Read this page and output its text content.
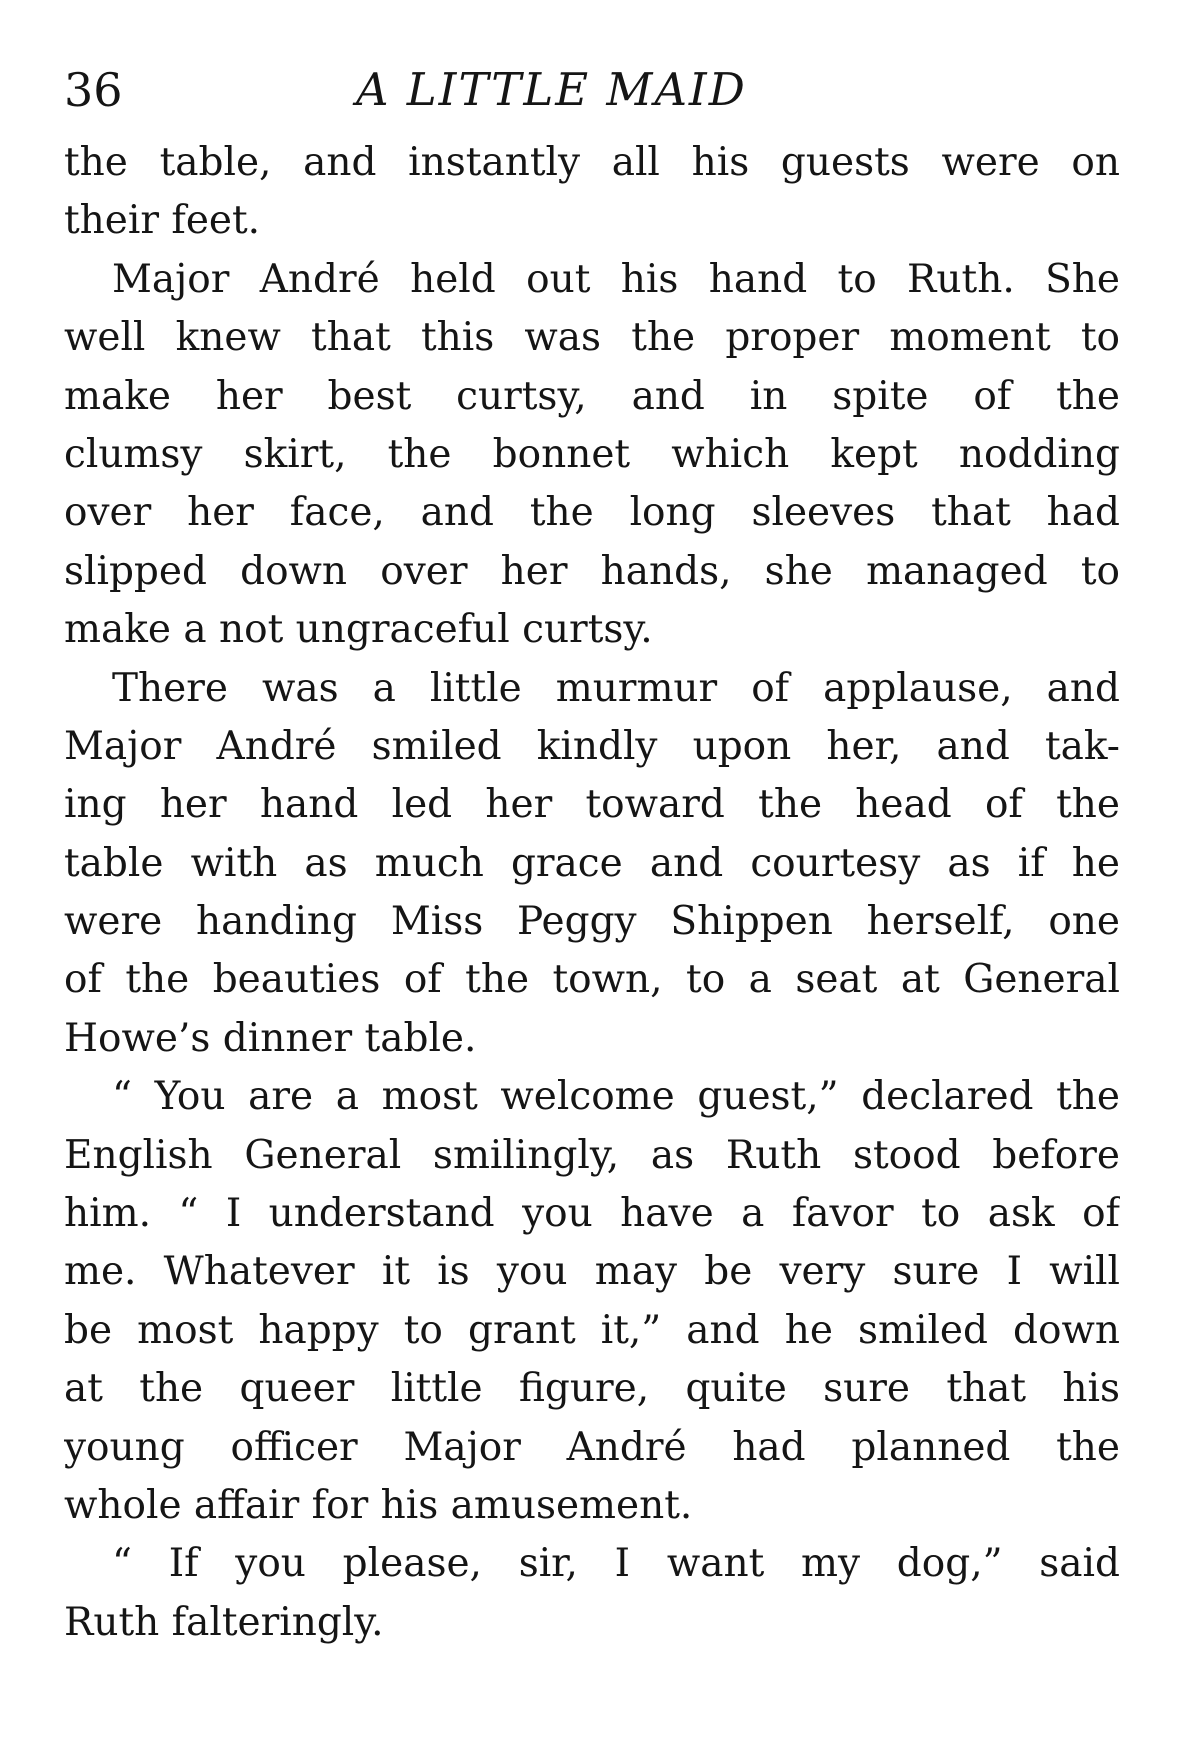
36	A LITTLE MAID
the table, and instantly all his guests were on
their feet.
Major André held out his hand to Ruth. She
well knew that this was the proper moment to
make her best curtsy, and in spite of the
clumsy skirt, the bonnet which kept nodding
over her face, and the long sleeves that had
slipped down over her hands, she managed to
make a not ungraceful curtsy.
There was a little murmur of applause, and
Major André smiled kindly upon her, and tak-
ing her hand led her toward the head of the
table with as much grace and courtesy as if he
were handing Miss Peggy Shippen herself, one
of the beauties of the town, to a seat at General
Howe’s dinner table.
“ You are a most welcome guest,” declared the
English General smilingly, as Ruth stood before
him. “ I understand you have a favor to ask of
me. Whatever it is you may be very sure I will
be most happy to grant it,” and he smiled down
at the queer little figure, quite sure that his
young officer Major André had planned the
whole affair for his amusement.
“ If you please, sir, I want my dog,” said
Ruth falteringly.
